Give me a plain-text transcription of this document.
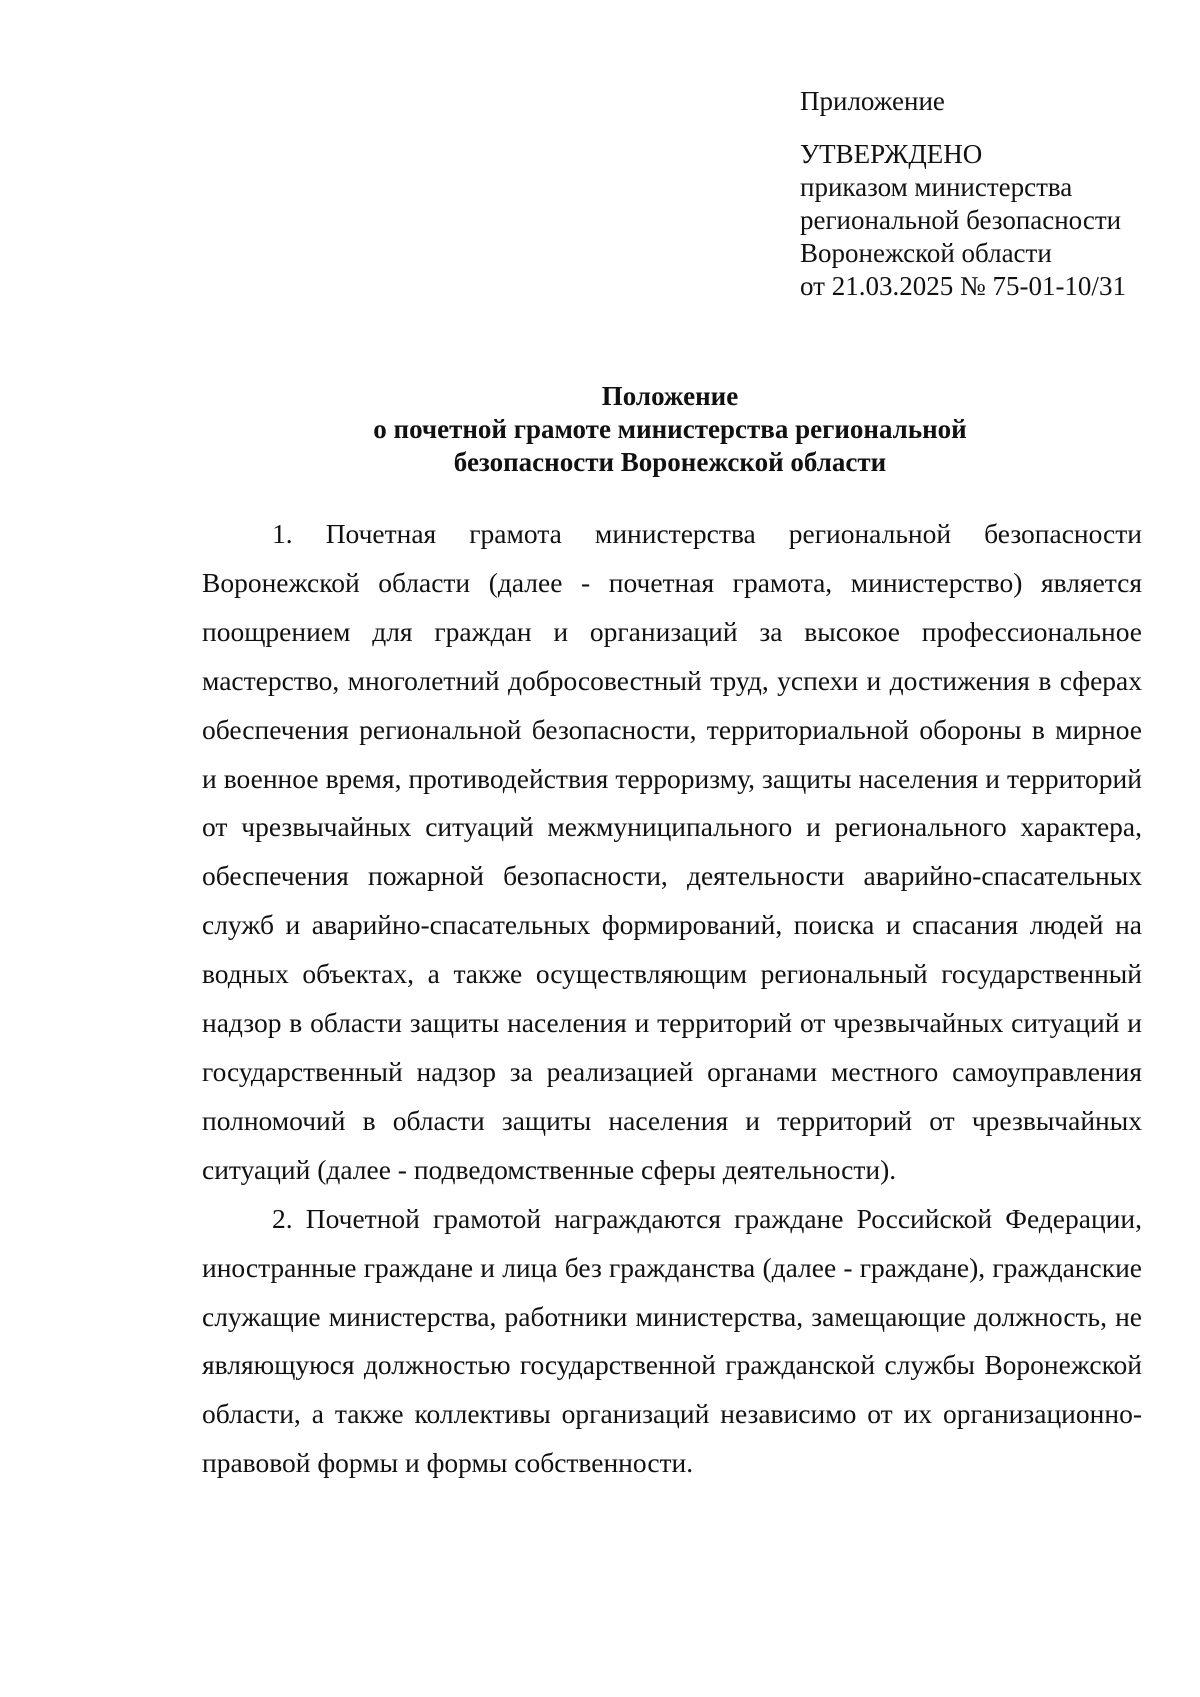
Приложение
УТВЕРЖДЕНО
приказом министерства
региональной безопасности
Воронежской области
от 21.03.2025 № 75-01-10/31
Положение
о почетной грамоте министерства региональной
безопасности Воронежской области

1. Почетная грамота министерства региональной безопасности Воронежской области (далее - почетная грамота, министерство) является поощрением для граждан и организаций за высокое профессиональное мастерство, многолетний добросовестный труд, успехи и достижения в сферах обеспечения региональной безопасности, территориальной обороны в мирное и военное время, противодействия терроризму, защиты населения и территорий от чрезвычайных ситуаций межмуниципального и регионального характера, обеспечения пожарной безопасности, деятельности аварийно-спасательных служб и аварийно-спасательных формирований, поиска и спасания людей на водных объектах, а также осуществляющим региональный государственный надзор в области защиты населения и территорий от чрезвычайных ситуаций и государственный надзор за реализацией органами местного самоуправления полномочий в области защиты населения и территорий от чрезвычайных ситуаций (далее - подведомственные сферы деятельности).

2. Почетной грамотой награждаются граждане Российской Федерации, иностранные граждане и лица без гражданства (далее - граждане), гражданские служащие министерства, работники министерства, замещающие должность, не являющуюся должностью государственной гражданской службы Воронежской области, а также коллективы организаций независимо от их организационно-правовой формы и формы собственности.
